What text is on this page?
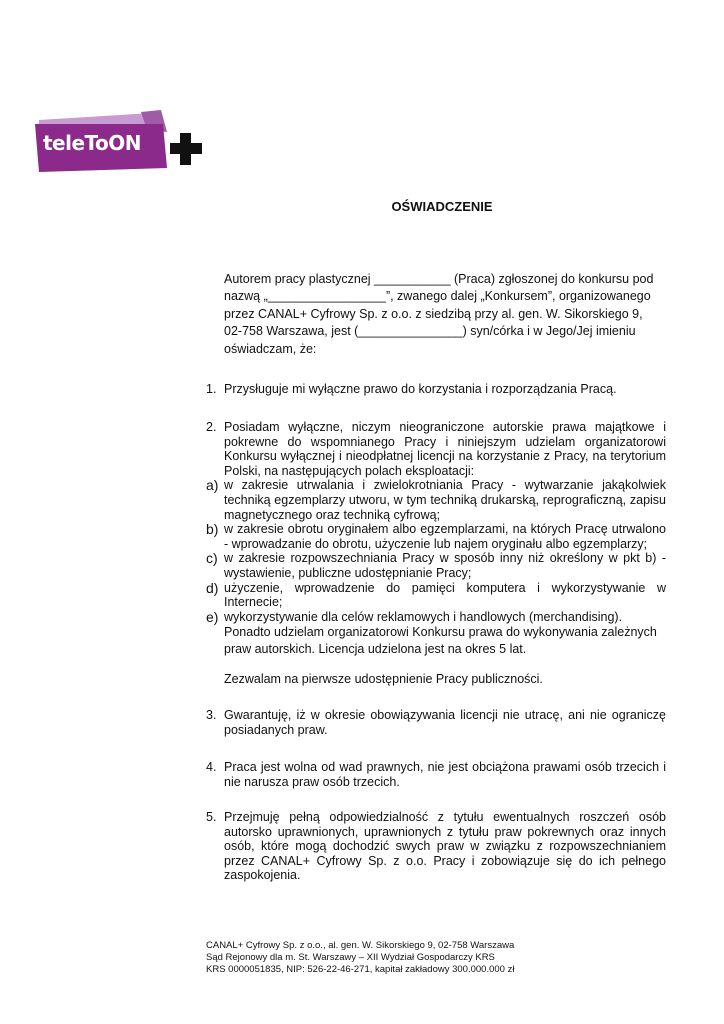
teleToON
OŚWIADCZENIE
Autorem pracy plastycznej ___________ (Praca) zgłoszonej do konkursu pod nazwą „_________________”, zwanego dalej „Konkursem”, organizowanego przez CANAL+ Cyfrowy Sp. z o.o. z siedzibą przy al. gen. W. Sikorskiego 9, 02-758 Warszawa, jest (_______________) syn/córka i w Jego/Jej imieniu oświadczam, że:
1. Przysługuje mi wyłączne prawo do korzystania i rozporządzania Pracą.
2. Posiadam wyłączne, niczym nieograniczone autorskie prawa majątkowe i pokrewne do wspomnianego Pracy i niniejszym udzielam organizatorowi Konkursu wyłącznej i nieodpłatnej licencji na korzystanie z Pracy, na terytorium Polski, na następujących polach eksploatacji:
a) w zakresie utrwalania i zwielokrotniania Pracy - wytwarzanie jakąkolwiek techniką egzemplarzy utworu, w tym techniką drukarską, reprograficzną, zapisu magnetycznego oraz techniką cyfrową;
b) w zakresie obrotu oryginałem albo egzemplarzami, na których Pracę utrwalono - wprowadzanie do obrotu, użyczenie lub najem oryginału albo egzemplarzy;
c) w zakresie rozpowszechniania Pracy w sposób inny niż określony w pkt b) - wystawienie, publiczne udostępnianie Pracy;
d) użyczenie, wprowadzenie do pamięci komputera i wykorzystywanie w Internecie;
e) wykorzystywanie dla celów reklamowych i handlowych (merchandising).
Ponadto udzielam organizatorowi Konkursu prawa do wykonywania zależnych praw autorskich. Licencja udzielona jest na okres 5 lat.
Zezwalam na pierwsze udostępnienie Pracy publiczności.
3. Gwarantuję, iż w okresie obowiązywania licencji nie utracę, ani nie ograniczę posiadanych praw.
4. Praca jest wolna od wad prawnych, nie jest obciążona prawami osób trzecich i nie narusza praw osób trzecich.
5. Przejmuję pełną odpowiedzialność z tytułu ewentualnych roszczeń osób autorsko uprawnionych, uprawnionych z tytułu praw pokrewnych oraz innych osób, które mogą dochodzić swych praw w związku z rozpowszechnianiem przez CANAL+ Cyfrowy Sp. z o.o. Pracy i zobowiązuje się do ich pełnego zaspokojenia.
CANAL+ Cyfrowy Sp. z o.o., al. gen. W. Sikorskiego 9, 02-758 Warszawa
Sąd Rejonowy dla m. St. Warszawy – XII Wydział Gospodarczy KRS
KRS 0000051835, NIP: 526-22-46-271, kapitał zakładowy 300.000.000 zł
